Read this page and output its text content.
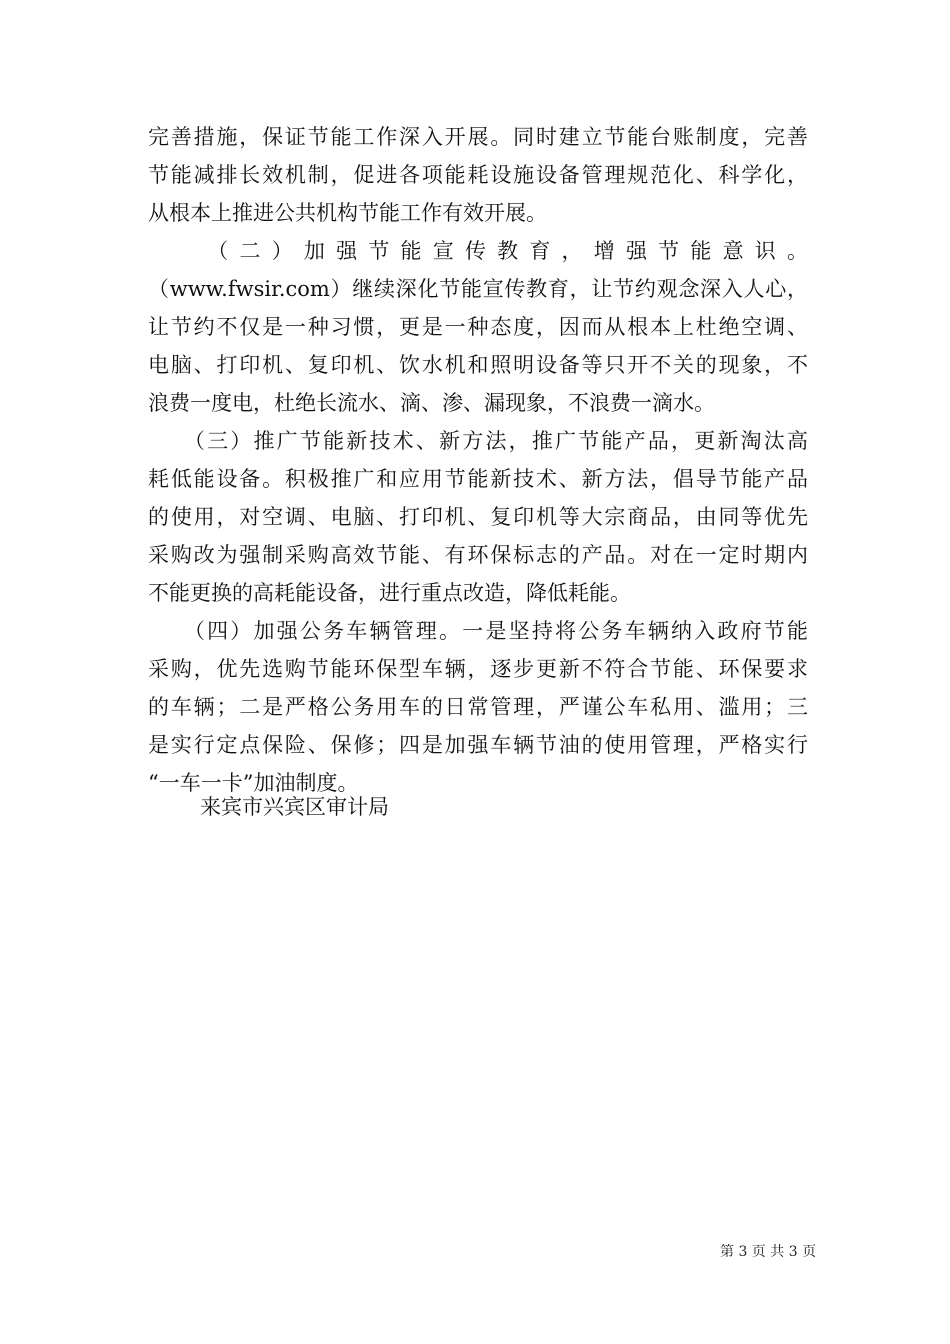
完善措施，保证节能工作深入开展。同时建立节能台账制度，完善
节能减排长效机制，促进各项能耗设施设备管理规范化、科学化，
从根本上推进公共机构节能工作有效开展。
　　　（ 二 ） 加 强 节 能 宣 传 教 育 ， 增 强 节 能 意 识 。
（www.fwsir.com）继续深化节能宣传教育，让节约观念深入人心，
让节约不仅是一种习惯，更是一种态度，因而从根本上杜绝空调、
电脑、打印机、复印机、饮水机和照明设备等只开不关的现象，不
浪费一度电，杜绝长流水、滴、渗、漏现象，不浪费一滴水。
　　（三）推广节能新技术、新方法，推广节能产品，更新淘汰高
耗低能设备。积极推广和应用节能新技术、新方法，倡导节能产品
的使用，对空调、电脑、打印机、复印机等大宗商品，由同等优先
采购改为强制采购高效节能、有环保标志的产品。对在一定时期内
不能更换的高耗能设备，进行重点改造，降低耗能。
　　（四）加强公务车辆管理。一是坚持将公务车辆纳入政府节能
采购，优先选购节能环保型车辆，逐步更新不符合节能、环保要求
的车辆；二是严格公务用车的日常管理，严谨公车私用、滥用；三
是实行定点保险、保修；四是加强车辆节油的使用管理，严格实行
“一车一卡”加油制度。
来宾市兴宾区审计局
第 3 页 共 3 页
